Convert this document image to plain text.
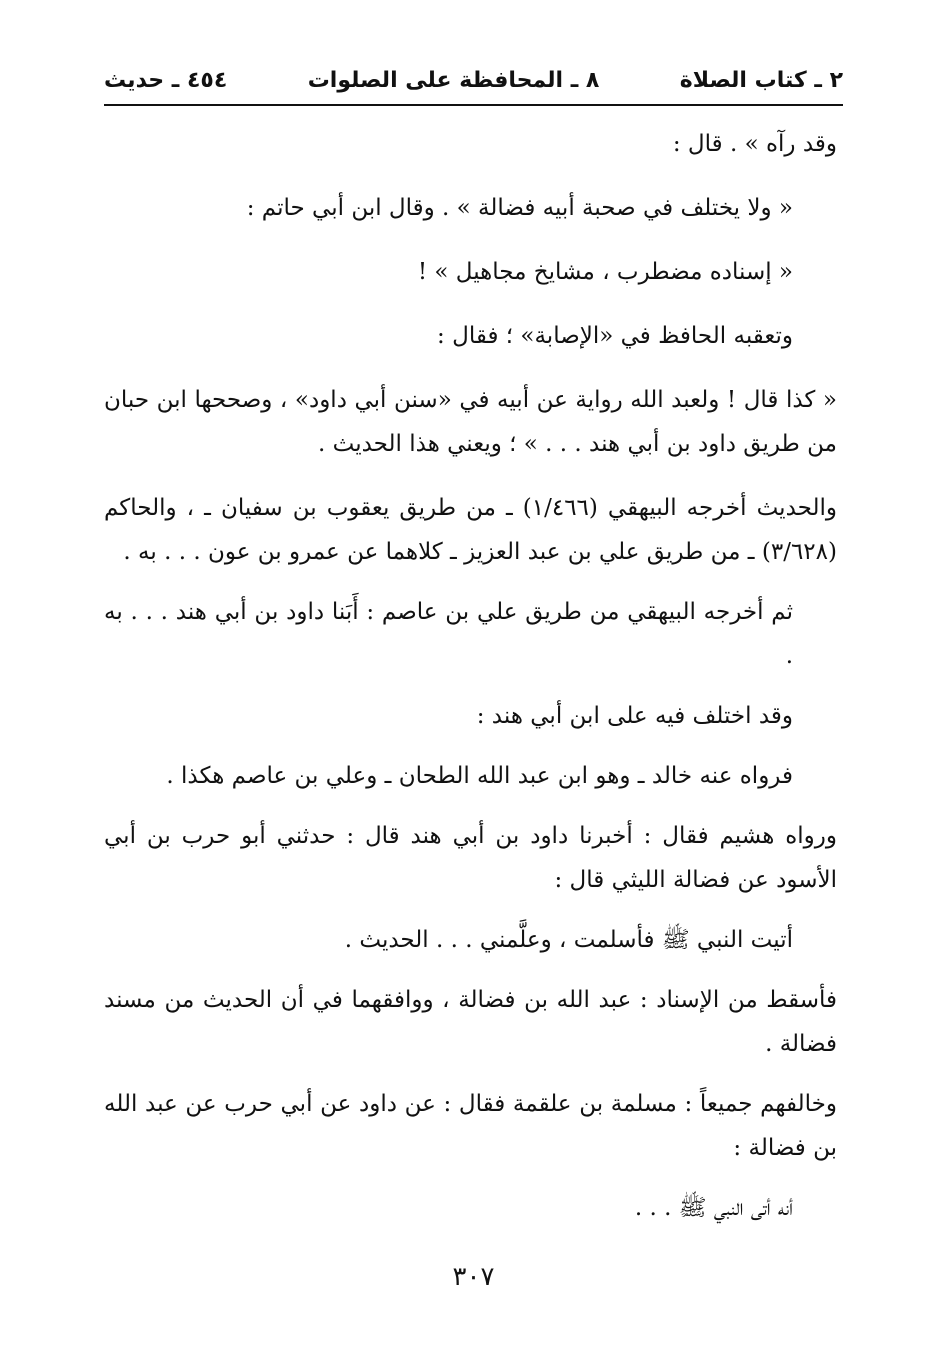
٢ ـ كتاب الصلاة
٨ ـ المحافظة على الصلوات
٤٥٤ ـ حديث

وقد رآه » . قال :

« ولا يختلف في صحبة أبيه فضالة » . وقال ابن أبي حاتم :

« إسناده مضطرب ، مشايخ مجاهيل » !

وتعقبه الحافظ في «الإصابة» ؛ فقال :

« كذا قال ! ولعبد الله رواية عن أبيه في «سنن أبي داود» ، وصححها ابن حبان من طريق داود بن أبي هند . . . » ؛ ويعني هذا الحديث .

والحديث أخرجه البيهقي (١/٤٦٦) ـ من طريق يعقوب بن سفيان ـ ، والحاكم (٣/٦٢٨) ـ من طريق علي بن عبد العزيز ـ كلاهما عن عمرو بن عون . . . به .

ثم أخرجه البيهقي من طريق علي بن عاصم : أَبَنا داود بن أبي هند . . . به .

وقد اختلف فيه على ابن أبي هند :

فرواه عنه خالد ـ وهو ابن عبد الله الطحان ـ وعلي بن عاصم هكذا .

ورواه هشيم فقال : أخبرنا داود بن أبي هند قال : حدثني أبو حرب بن أبي الأسود عن فضالة الليثي قال :

أتيت النبي ﷺ فأسلمت ، وعلَّمني . . . الحديث .

فأسقط من الإسناد : عبد الله بن فضالة ، ووافقهما في أن الحديث من مسند فضالة .

وخالفهم جميعاً : مسلمة بن علقمة فقال : عن داود عن أبي حرب عن عبد الله بن فضالة :

أنه أتى النبي ﷺ . . .

٣٠٧
